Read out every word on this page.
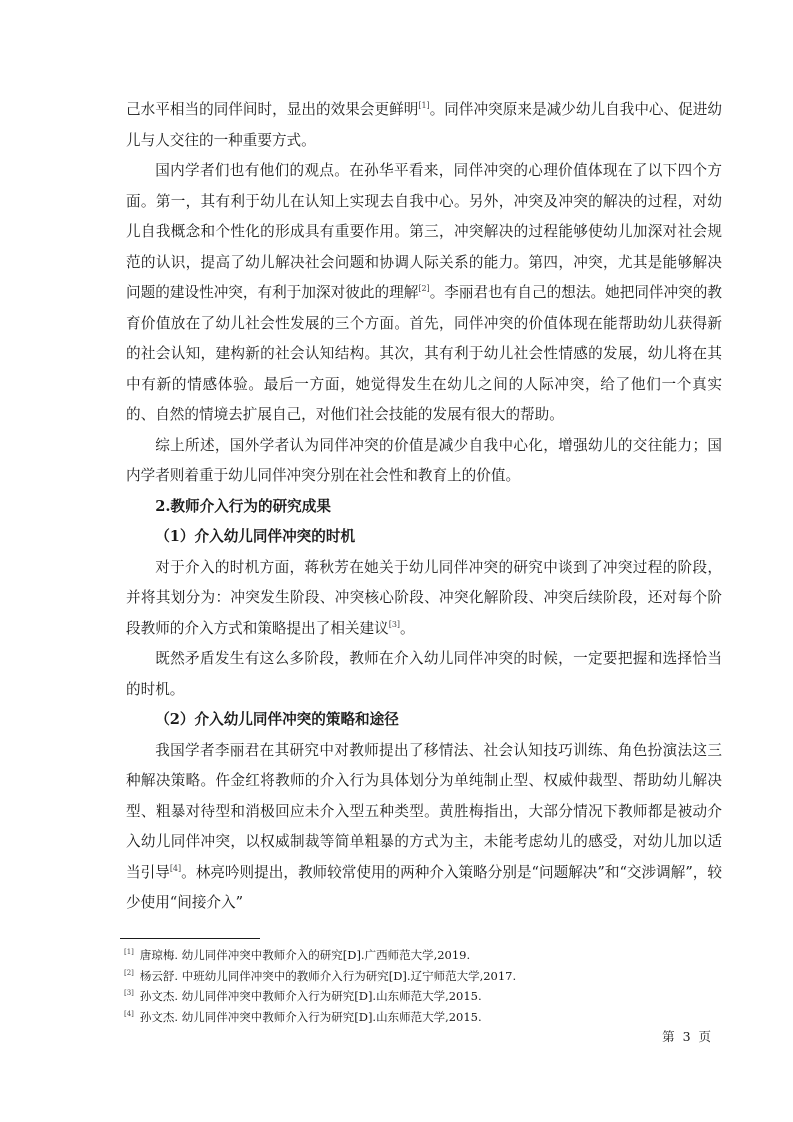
己水平相当的同伴间时，显出的效果会更鲜明[1]。同伴冲突原来是减少幼儿自我中心、促进幼儿与人交往的一种重要方式。

国内学者们也有他们的观点。在孙华平看来，同伴冲突的心理价值体现在了以下四个方面。第一，其有利于幼儿在认知上实现去自我中心。另外，冲突及冲突的解决的过程，对幼儿自我概念和个性化的形成具有重要作用。第三，冲突解决的过程能够使幼儿加深对社会规范的认识，提高了幼儿解决社会问题和协调人际关系的能力。第四，冲突，尤其是能够解决问题的建设性冲突，有利于加深对彼此的理解[2]。李丽君也有自己的想法。她把同伴冲突的教育价值放在了幼儿社会性发展的三个方面。首先，同伴冲突的价值体现在能帮助幼儿获得新的社会认知，建构新的社会认知结构。其次，其有利于幼儿社会性情感的发展，幼儿将在其中有新的情感体验。最后一方面，她觉得发生在幼儿之间的人际冲突，给了他们一个真实的、自然的情境去扩展自己，对他们社会技能的发展有很大的帮助。

综上所述，国外学者认为同伴冲突的价值是减少自我中心化，增强幼儿的交往能力；国内学者则着重于幼儿同伴冲突分别在社会性和教育上的价值。

2.教师介入行为的研究成果

（1）介入幼儿同伴冲突的时机

对于介入的时机方面，蒋秋芳在她关于幼儿同伴冲突的研究中谈到了冲突过程的阶段，并将其划分为：冲突发生阶段、冲突核心阶段、冲突化解阶段、冲突后续阶段，还对每个阶段教师的介入方式和策略提出了相关建议[3]。

既然矛盾发生有这么多阶段，教师在介入幼儿同伴冲突的时候，一定要把握和选择恰当的时机。

（2）介入幼儿同伴冲突的策略和途径

我国学者李丽君在其研究中对教师提出了移情法、社会认知技巧训练、角色扮演法这三种解决策略。仵金红将教师的介入行为具体划分为单纯制止型、权威仲裁型、帮助幼儿解决型、粗暴对待型和消极回应未介入型五种类型。黄胜梅指出，大部分情况下教师都是被动介入幼儿同伴冲突，以权威制裁等简单粗暴的方式为主，未能考虑幼儿的感受，对幼儿加以适当引导[4]。林亮吟则提出，教师较常使用的两种介入策略分别是“问题解决”和“交涉调解”，较少使用“间接介入”

[1] 唐琼梅. 幼儿同伴冲突中教师介入的研究[D].广西师范大学,2019.

[2] 杨云舒. 中班幼儿同伴冲突中的教师介入行为研究[D].辽宁师范大学,2017.

[3] 孙文杰. 幼儿同伴冲突中教师介入行为研究[D].山东师范大学,2015.

[4] 孙文杰. 幼儿同伴冲突中教师介入行为研究[D].山东师范大学,2015.

第 3 页
